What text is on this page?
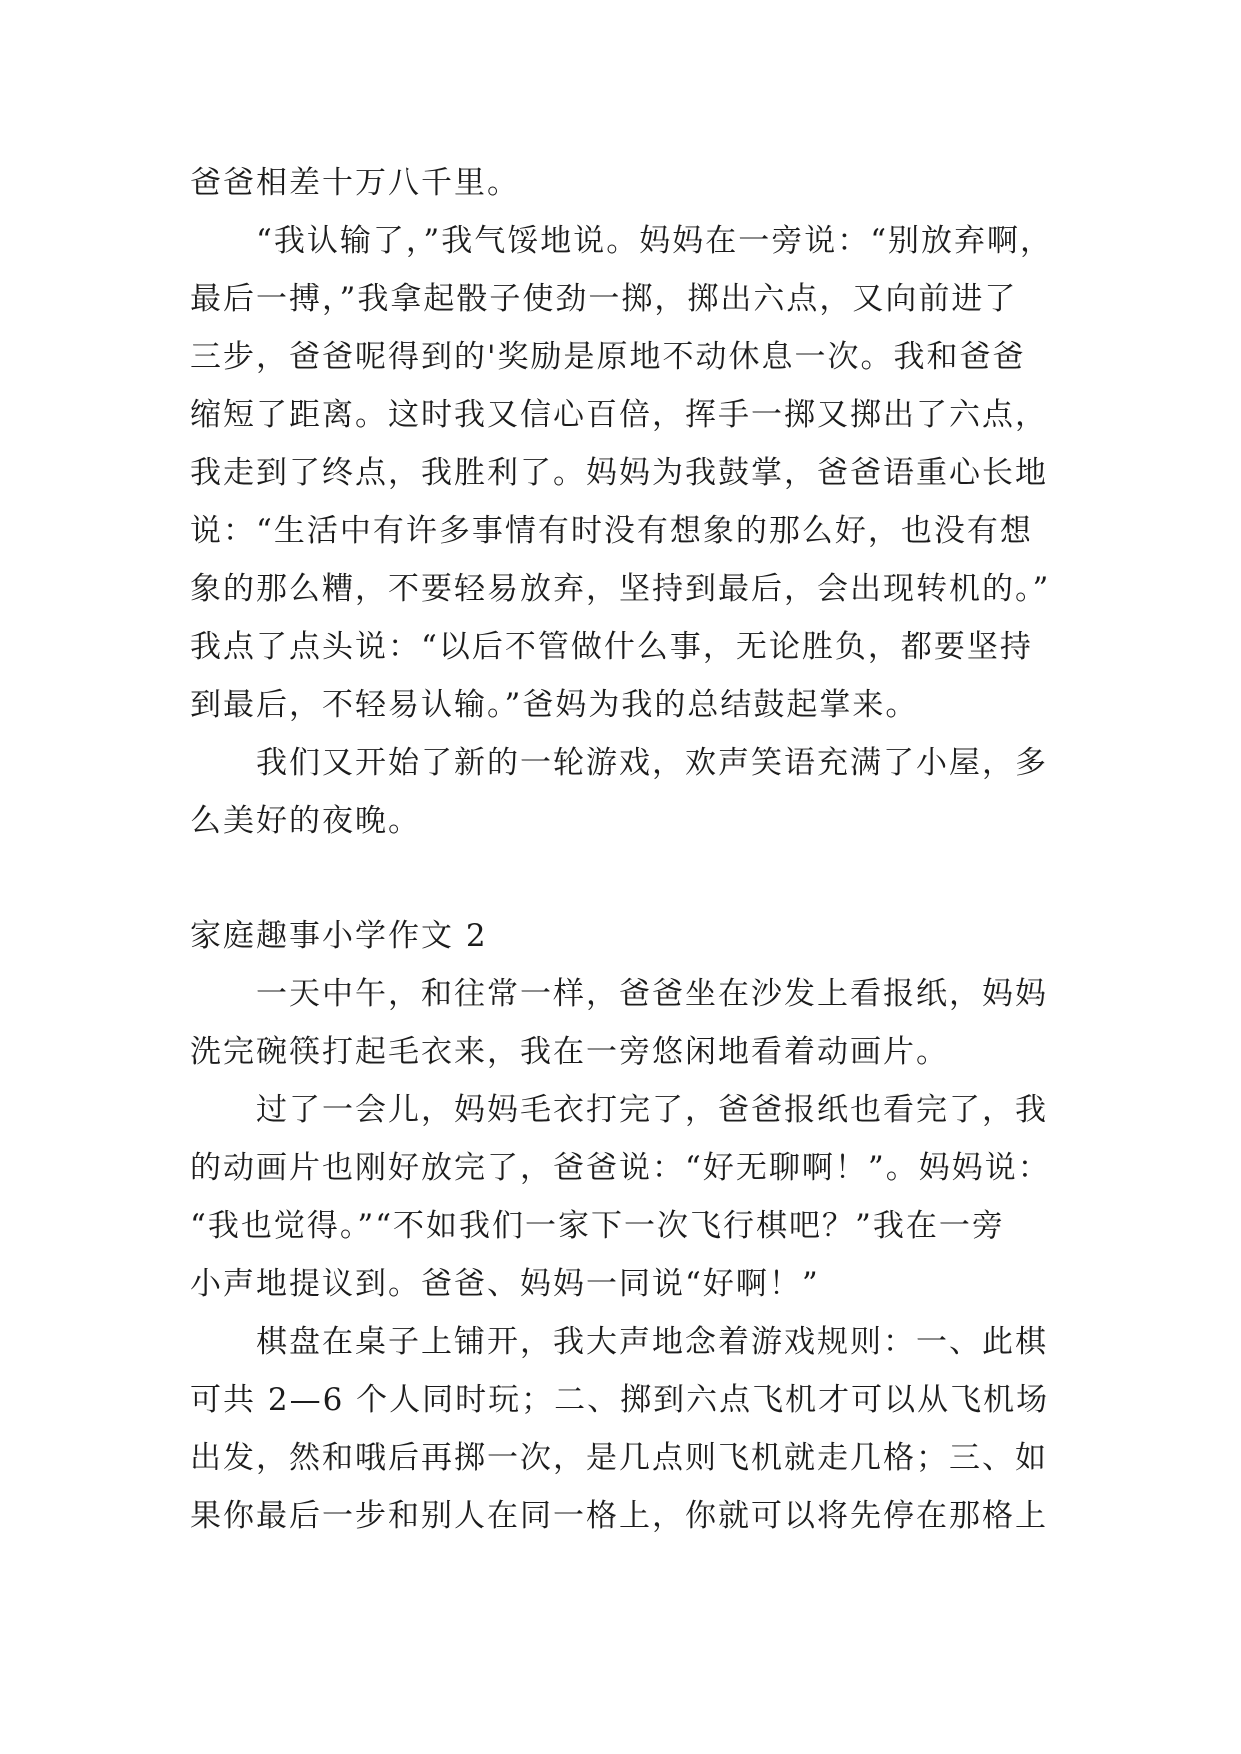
爸爸相差十万八千里。
　　“我认输了，”我气馁地说。妈妈在一旁说：“别放弃啊，
最后一搏，”我拿起骰子使劲一掷，掷出六点，又向前进了
三步，爸爸呢得到的'奖励是原地不动休息一次。我和爸爸
缩短了距离。这时我又信心百倍，挥手一掷又掷出了六点，
我走到了终点，我胜利了。妈妈为我鼓掌，爸爸语重心长地
说：“生活中有许多事情有时没有想象的那么好，也没有想
象的那么糟，不要轻易放弃，坚持到最后，会出现转机的。”
我点了点头说：“以后不管做什么事，无论胜负，都要坚持
到最后，不轻易认输。”爸妈为我的总结鼓起掌来。
　　我们又开始了新的一轮游戏，欢声笑语充满了小屋，多
么美好的夜晚。
家庭趣事小学作文 2
　　一天中午，和往常一样，爸爸坐在沙发上看报纸，妈妈
洗完碗筷打起毛衣来，我在一旁悠闲地看着动画片。
　　过了一会儿，妈妈毛衣打完了，爸爸报纸也看完了，我
的动画片也刚好放完了，爸爸说：“好无聊啊！”。妈妈说：
“我也觉得。”“不如我们一家下一次飞行棋吧？”我在一旁
小声地提议到。爸爸、妈妈一同说“好啊！”
　　棋盘在桌子上铺开，我大声地念着游戏规则：一、此棋
可共 2—6 个人同时玩；二、掷到六点飞机才可以从飞机场
出发，然和哦后再掷一次，是几点则飞机就走几格；三、如
果你最后一步和别人在同一格上，你就可以将先停在那格上
